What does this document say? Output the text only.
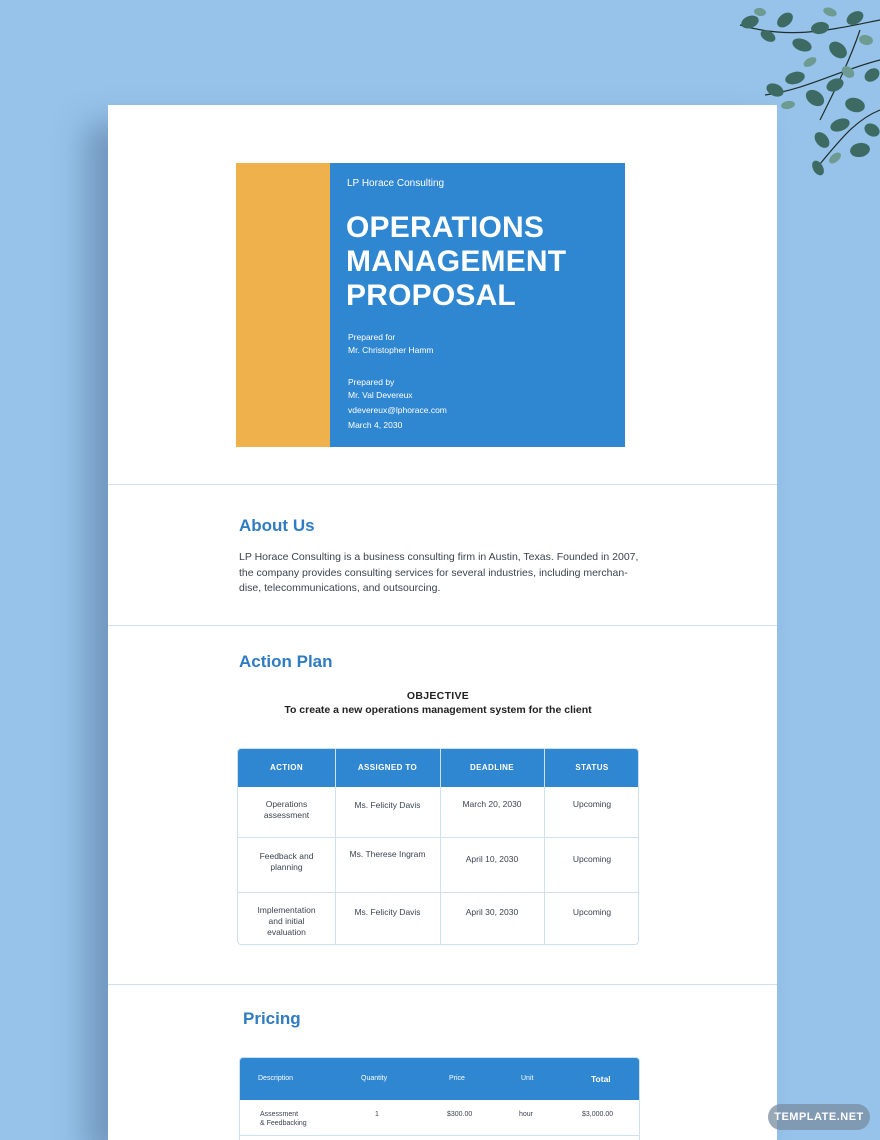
LP Horace Consulting
OPERATIONS
MANAGEMENT
PROPOSAL
Prepared for
Mr. Christopher Hamm
Prepared by
Mr. Val Devereux
vdevereux@lphorace.com
March 4, 2030
About Us
LP Horace Consulting is a business consulting firm in Austin, Texas. Founded in 2007,
the company provides consulting services for several industries, including merchan-
dise, telecommunications, and outsourcing.
Action Plan
OBJECTIVE
To create a new operations management system for the client
ACTION	ASSIGNED TO	DEADLINE	STATUS
Operations
assessment
Ms. Felicity Davis	March 20, 2030	Upcoming
Feedback and
planning
Ms. Therese Ingram	April 10, 2030	Upcoming
Implementation
and initial
evaluation
Ms. Felicity Davis	April 30, 2030	Upcoming
Pricing
Description	Quantity	Price	Unit	Total
Assessment
& Feedbacking
1	$300.00	hour	$3,000.00	TEMPLATE.NET
